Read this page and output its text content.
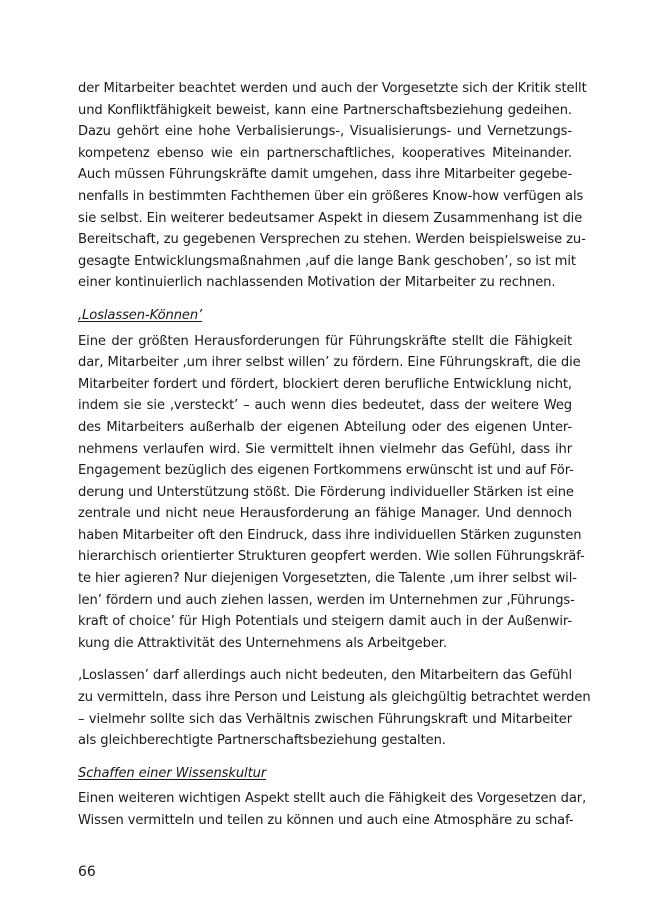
der Mitarbeiter beachtet werden und auch der Vorgesetzte sich der Kritik stellt
und Konfliktfähigkeit beweist, kann eine Partnerschaftsbeziehung gedeihen.
Dazu gehört eine hohe Verbalisierungs-, Visualisierungs- und Vernetzungs-
kompetenz ebenso wie ein partnerschaftliches, kooperatives Miteinander.
Auch müssen Führungskräfte damit umgehen, dass ihre Mitarbeiter gegebe-
nenfalls in bestimmten Fachthemen über ein größeres Know-how verfügen als
sie selbst. Ein weiterer bedeutsamer Aspekt in diesem Zusammenhang ist die
Bereitschaft, zu gegebenen Versprechen zu stehen. Werden beispielsweise zu-
gesagte Entwicklungsmaßnahmen ‚auf die lange Bank geschoben’, so ist mit
einer kontinuierlich nachlassenden Motivation der Mitarbeiter zu rechnen.
‚Loslassen-Können’
Eine der größten Herausforderungen für Führungskräfte stellt die Fähigkeit
dar, Mitarbeiter ‚um ihrer selbst willen’ zu fördern. Eine Führungskraft, die die
Mitarbeiter fordert und fördert, blockiert deren berufliche Entwicklung nicht,
indem sie sie ‚versteckt’ – auch wenn dies bedeutet, dass der weitere Weg
des Mitarbeiters außerhalb der eigenen Abteilung oder des eigenen Unter-
nehmens verlaufen wird. Sie vermittelt ihnen vielmehr das Gefühl, dass ihr
Engagement bezüglich des eigenen Fortkommens erwünscht ist und auf För-
derung und Unterstützung stößt. Die Förderung individueller Stärken ist eine
zentrale und nicht neue Herausforderung an fähige Manager. Und dennoch
haben Mitarbeiter oft den Eindruck, dass ihre individuellen Stärken zugunsten
hierarchisch orientierter Strukturen geopfert werden. Wie sollen Führungskräf-
te hier agieren? Nur diejenigen Vorgesetzten, die Talente ‚um ihrer selbst wil-
len’ fördern und auch ziehen lassen, werden im Unternehmen zur ‚Führungs-
kraft of choice’ für High Potentials und steigern damit auch in der Außenwir-
kung die Attraktivität des Unternehmens als Arbeitgeber.
‚Loslassen’ darf allerdings auch nicht bedeuten, den Mitarbeitern das Gefühl
zu vermitteln, dass ihre Person und Leistung als gleichgültig betrachtet werden
– vielmehr sollte sich das Verhältnis zwischen Führungskraft und Mitarbeiter
als gleichberechtigte Partnerschaftsbeziehung gestalten.
Schaffen einer Wissenskultur
Einen weiteren wichtigen Aspekt stellt auch die Fähigkeit des Vorgesetzen dar,
Wissen vermitteln und teilen zu können und auch eine Atmosphäre zu schaf-
66
